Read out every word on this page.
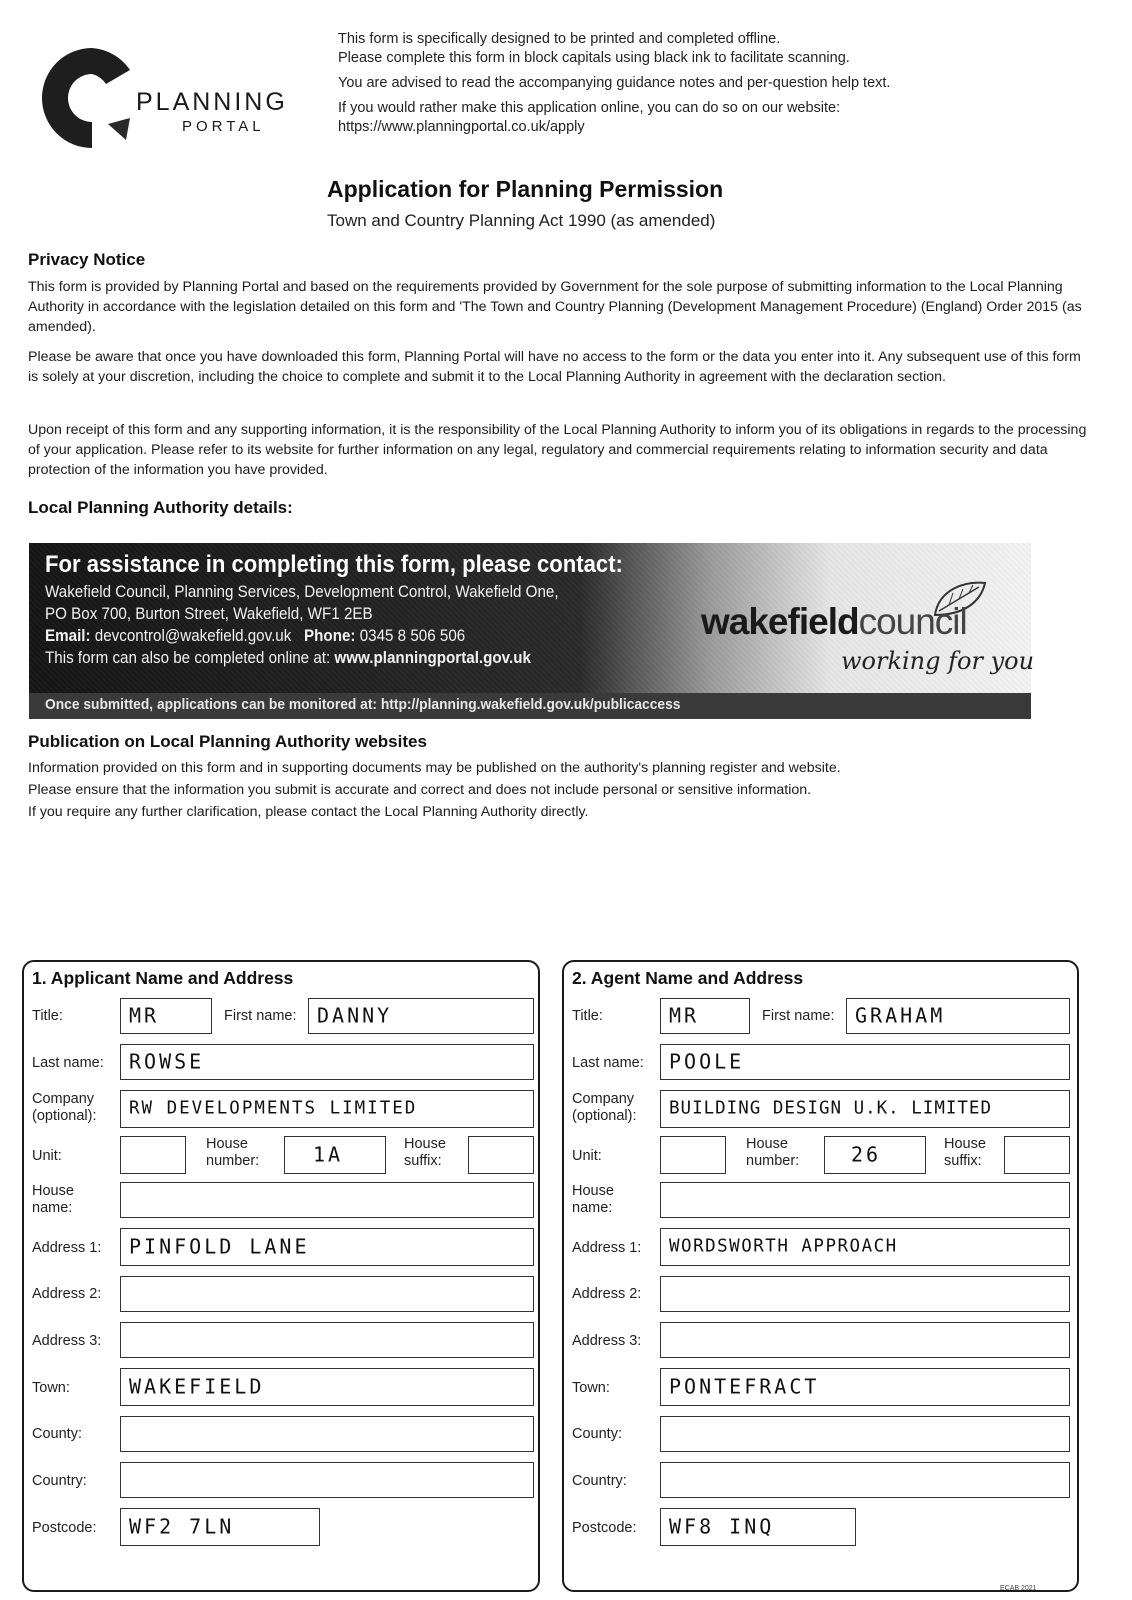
PLANNING
PORTAL

This form is specifically designed to be printed and completed offline.
Please complete this form in block capitals using black ink to facilitate scanning.

You are advised to read the accompanying guidance notes and per-question help text.

If you would rather make this application online, you can do so on our website:
https://www.planningportal.co.uk/apply

Application for Planning Permission
Town and Country Planning Act 1990 (as amended)
Privacy Notice
This form is provided by Planning Portal and based on the requirements provided by Government for the sole purpose of submitting information to the Local Planning Authority in accordance with the legislation detailed on this form and 'The Town and Country Planning (Development Management Procedure) (England) Order 2015 (as amended).
Please be aware that once you have downloaded this form, Planning Portal will have no access to the form or the data you enter into it. Any subsequent use of this form is solely at your discretion, including the choice to complete and submit it to the Local Planning Authority in agreement with the declaration section.
Upon receipt of this form and any supporting information, it is the responsibility of the Local Planning Authority to inform you of its obligations in regards to the processing of your application. Please refer to its website for further information on any legal, regulatory and commercial requirements relating to information security and data protection of the information you have provided.
Local Planning Authority details:
For assistance in completing this form, please contact:
Wakefield Council, Planning Services, Development Control, Wakefield One,
PO Box 700, Burton Street, Wakefield, WF1 2EB
Email: devcontrol@wakefield.gov.uk Phone: 0345 8 506 506
This form can also be completed online at: www.planningportal.gov.uk
wakefieldcouncil
working for you
Once submitted, applications can be monitored at: http://planning.wakefield.gov.uk/publicaccess
Publication on Local Planning Authority websites
Information provided on this form and in supporting documents may be published on the authority's planning register and website.
Please ensure that the information you submit is accurate and correct and does not include personal or sensitive information.
If you require any further clarification, please contact the Local Planning Authority directly.
1. Applicant Name and Address
Title:	MR	First name: DANNY
Last name: ROWSE
Company
(optional): RW DEVELOPMENTS LIMITED
Unit:
House
number:	1A	House
suffix:
House
name:
Address 1: PINFOLD LANE
Address 2:
Address 3:
Town:	WAKEFIELD
County:
Country:
Postcode: WF2 7LN
2. Agent Name and Address
Title:	MR	First name: GRAHAM
Last name: POOLE
Company
(optional): BUILDING DESIGN U.K. LIMITED
Unit:
House
number:	26	House
suffix:
House
name:
Address 1: WORDSWORTH APPROACH
Address 2:
Address 3:
Town:	PONTEFRACT
County:
Country:
Postcode: WF8 INQ
ECAB 2021
